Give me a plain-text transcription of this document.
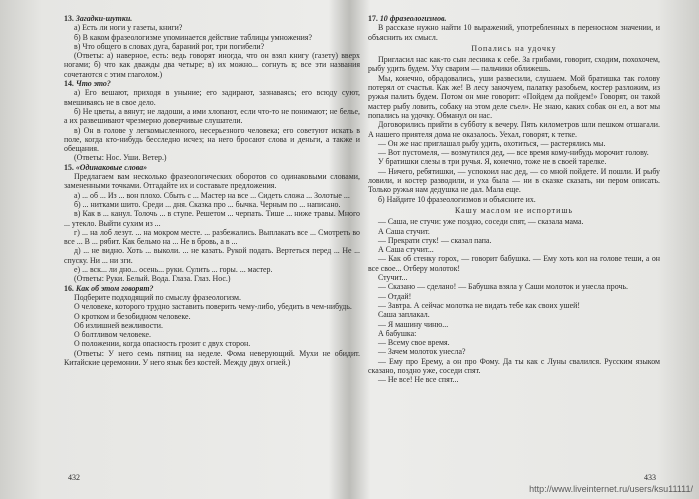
13. Загадки-шутки.

а) Есть ли ноги у газеты, книги?

б) В каком фразеологизме упоминается действие таблицы умножения?

в) Что общего в словах дуга, бараний рог, три погибели?

(Ответы: а) наверное, есть: ведь говорят иногда, что он взял книгу (газету) вверх ногами; б) что как дважды два четыре; в) их можно... согнуть в; все эти названия сочетаются с этим глаголом.)

14. Что это?

а) Его вешают, приходя в уныние; его задирают, зазнаваясь; его всюду суют, вмешиваясь не в свое дело.

б) Не цветы, а вянут; не ладоши, а ими хлопают, если что-то не понимают; не белье, а их развешивают чрезмерно доверчивые слушатели.

в) Он в голове у легкомысленного, несерьезного человека; его советуют искать в поле, когда кто-нибудь бесследно исчез; на него бросают слова и деньги, а также и обещания.

(Ответы: Нос. Уши. Ветер.)

15. «Одинаковые слова»

Предлагаем вам несколько фразеологических оборотов со одинаковыми словами, замененными точками. Отгадайте их и составьте предложения.

а) ... об ... Из ... вон плохо. Сбыть с ... Мастер на все ... Сидеть сложа ... Золотые ...

б) ... нитками шито. Среди ... дня. Сказка про ... бычка. Черным по ... написано.

в) Как в ... канул. Толочь ... в ступе. Решетом ... черпать. Тише ... ниже травы. Много ... утекло. Выйти сухим из ...

г) ... на лоб лезут. ... на мокром месте. ... разбежались. Выплакать все ... Смотреть во все ... В ... рябит. Как бельмо на ... Не в бровь, а в ...

д) ... не видно. Хоть ... выколи. ... не казать. Рукой подать. Вертеться перед ... Не ... спуску. Ни ... ни зги.

е) ... вск... ли дно... осень... руки. Сулить ... горы. ... мастер.

(Ответы: Руки. Белый. Вода. Глаза. Глаз. Нос.)

16. Как об этом говорят?

Подберите подходящий по смыслу фразеологизм.

О человеке, которого трудно заставить поверить чему-либо, убедить в чем-нибудь.

О кротком и безобидном человеке.

Об излишней вежливости.

О болтливом человеке.

О положении, когда опасность грозит с двух сторон.

(Ответы: У него семь пятниц на неделе. Фома неверующий. Мухи не обидит. Китайские церемонии. У него язык без костей. Между двух огней.)

432

17. 10 фразеологизмов.

В рассказе нужно найти 10 выражений, употребленных в переносном значении, и объяснить их смысл.

Попались на удочку

Пригласил нас как-то сын лесника к себе. За грибами, говорит, сходим, похохочем, рыбу удить будем. Уху сварим — пальчики оближешь.

Мы, конечно, обрадовались, уши развесили, слушаем. Мой братишка так голову потерял от счастья. Как же! В лесу заночуем, палатку разобьем, костер разложим, из ружья палить будем. Потом он мне говорит: «Пойдем да пойдем!» Говорят, он такой мастер рыбу ловить, собаку на этом деле съел». Не знаю, каких собак он ел, а вот мы попались на удочку. Обманул он нас.

Договорились прийти в субботу к вечеру. Пять километров шли пешком отшагали. А нашего приятеля дома не оказалось. Уехал, говорят, к тетке.

— Он же нас приглашал рыбу удить, охотиться, — растерялись мы.

— Вот пустомеля, — возмутился дед, — все время кому-нибудь морочит голову.

У братишки слезы в три ручья. Я, конечно, тоже не в своей тарелке.

— Ничего, ребятишки, — успокоил нас дед, — со мной пойдете. И пошли. И рыбу ловили, и костер разводили, и уха была — ни в сказке сказать, ни пером описать. Только ружья нам дедушка не дал. Мала еще.

б) Найдите 10 фразеологизмов и объясните их.

Кашу маслом не испортишь

— Саша, не стучи: уже поздно, соседи спят, — сказала мама.

А Саша стучит.

— Прекрати стук! — сказал папа.

А Саша стучит...

— Как об стенку горох, — говорит бабушка. — Ему хоть кол на голове теши, а он все свое... Отберу молоток!

Стучит...

— Сказано — сделано! — Бабушка взяла у Саши молоток и унесла прочь.

— Отдай!

— Завтра. А сейчас молотка не видать тебе как своих ушей!

Саша заплакал.

— Я машину чиню...

А бабушка:

— Всему свое время.

— Зачем молоток унесла?

— Ему про Ерему, а он про Фому. Да ты как с Луны свалился. Русским языком сказано, поздно уже, соседи спят.

— Не все! Не все спят...

433
http://www.liveinternet.ru/users/ksu11111/
